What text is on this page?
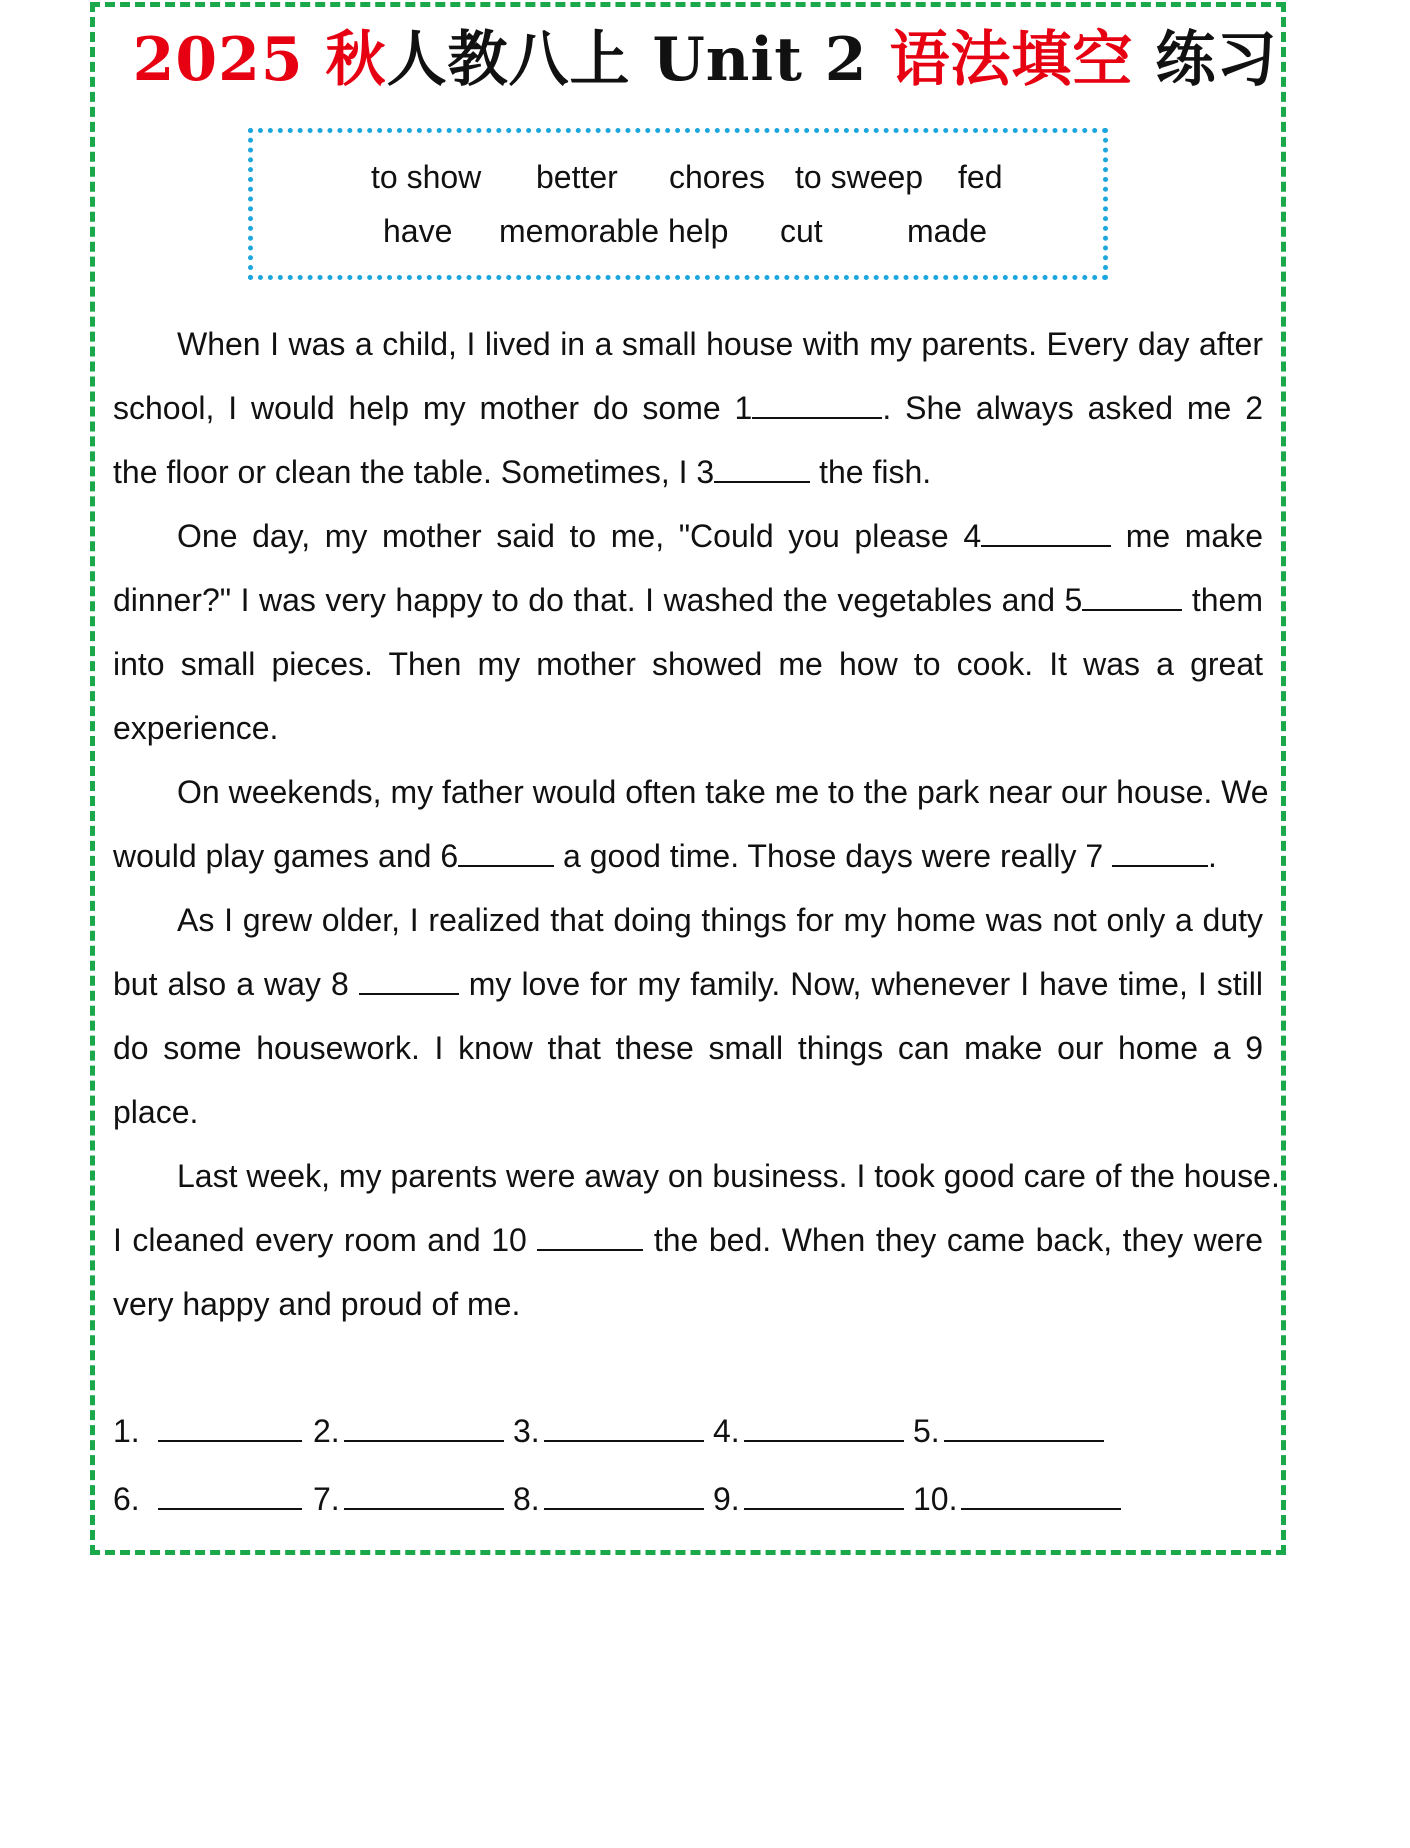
2025 秋人教八上 Unit 2 语法填空 练习
to show better chores to sweep fed
have memorable help cut	made
When I was a child, I lived in a small house with my parents. Every day after
school, I would help my mother do some 1	. She always asked me 2
the floor or clean the table. Sometimes, I 3	the fish.
One day, my mother said to me, "Could you please 4	me make
dinner?" I was very happy to do that. I washed the vegetables and 5	them
into small pieces. Then my mother showed me how to cook. It was a great
experience.
On weekends, my father would often take me to the park near our house. We
would play games and 6	a good time. Those days were really 7	.
As I grew older, I realized that doing things for my home was not only a duty
but also a way 8	my love for my family. Now, whenever I have time, I still
do some housework. I know that these small things can make our home a 9
place.
Last week, my parents were away on business. I took good care of the house.
I cleaned every room and 10	the bed. When they came back, they were
very happy and proud of me.
1.	2.	3.	4.	5.
6.	7.	8.	9.	10.
